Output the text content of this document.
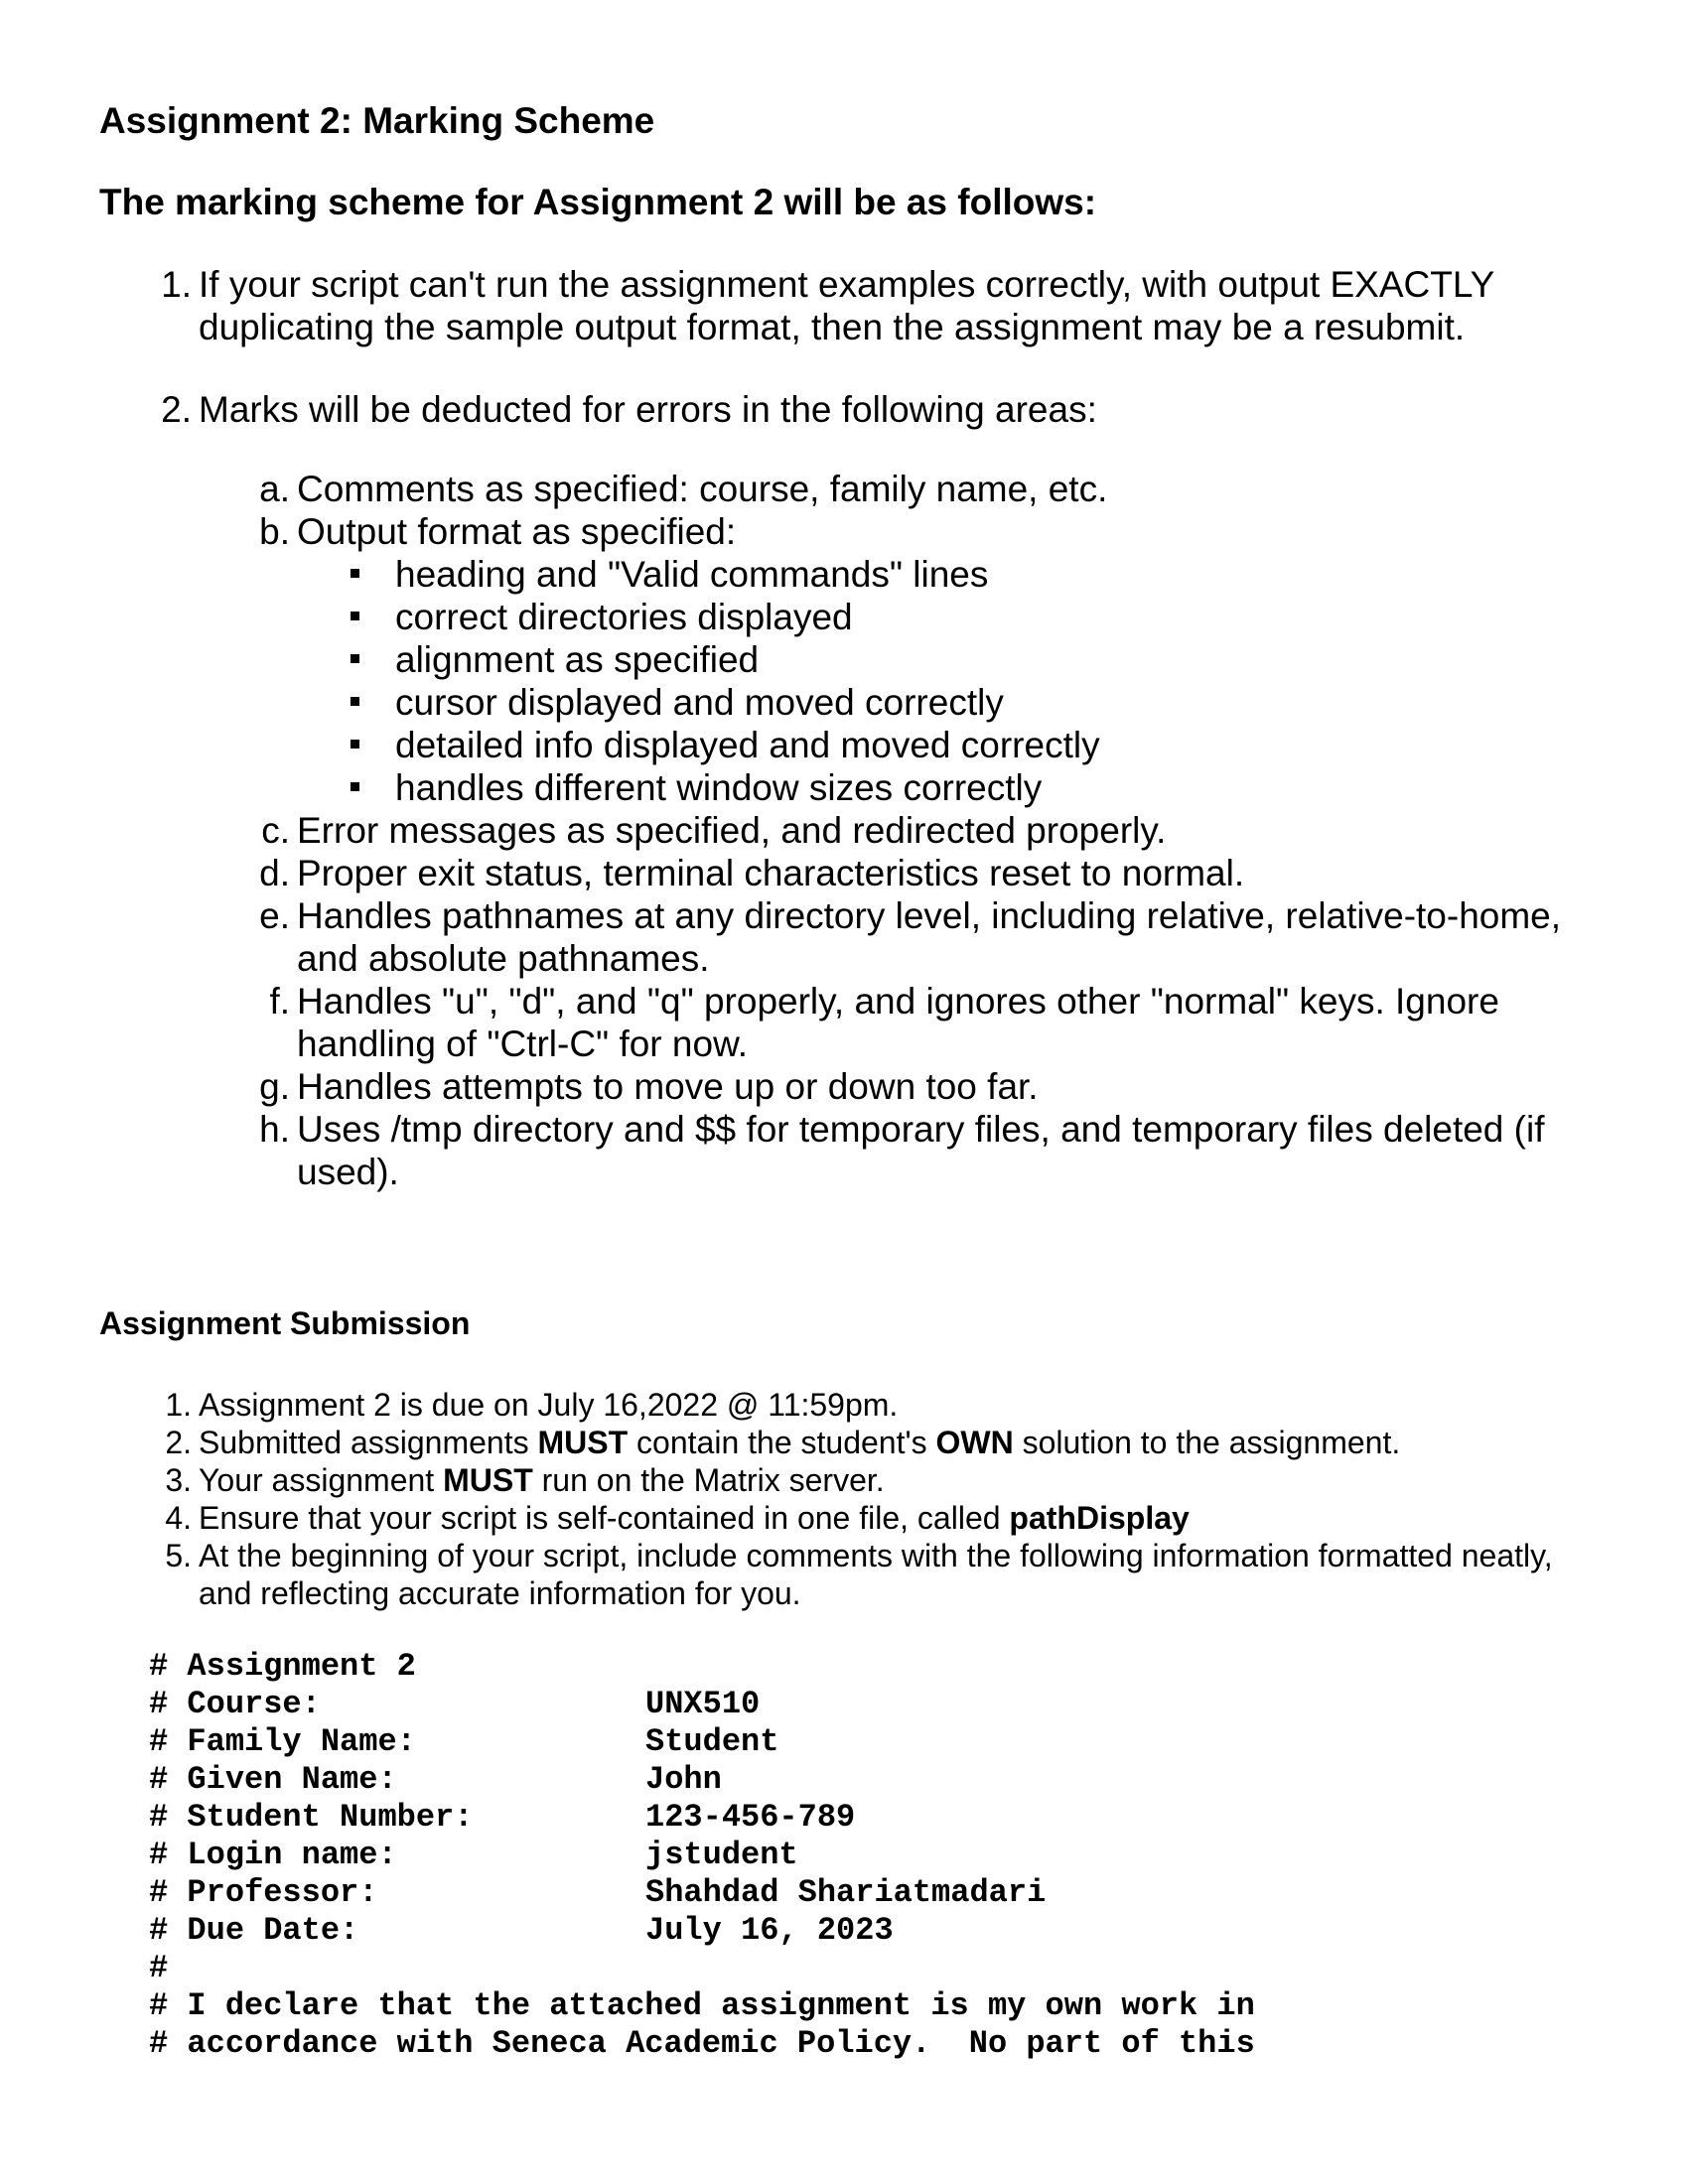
Assignment 2: Marking Scheme
The marking scheme for Assignment 2 will be as follows:
1. If your script can't run the assignment examples correctly, with output EXACTLY duplicating the sample output format, then the assignment may be a resubmit.
2. Marks will be deducted for errors in the following areas:
a. Comments as specified: course, family name, etc.
b. Output format as specified:
heading and "Valid commands" lines
correct directories displayed
alignment as specified
cursor displayed and moved correctly
detailed info displayed and moved correctly
handles different window sizes correctly
c. Error messages as specified, and redirected properly.
d. Proper exit status, terminal characteristics reset to normal.
e. Handles pathnames at any directory level, including relative, relative-to-home, and absolute pathnames.
f. Handles "u", "d", and "q" properly, and ignores other "normal" keys. Ignore handling of "Ctrl-C" for now.
g. Handles attempts to move up or down too far.
h. Uses /tmp directory and $$ for temporary files, and temporary files deleted (if used).
Assignment Submission
1. Assignment 2 is due on July 16,2022 @ 11:59pm.
2. Submitted assignments MUST contain the student's OWN solution to the assignment.
3. Your assignment MUST run on the Matrix server.
4. Ensure that your script is self-contained in one file, called pathDisplay
5. At the beginning of your script, include comments with the following information formatted neatly, and reflecting accurate information for you.
# Assignment 2
# Course:	UNX510
# Family Name:	Student
# Given Name:	John
# Student Number:	123-456-789
# Login name:	jstudent
# Professor:	Shahdad Shariatmadari
# Due Date:	July 16, 2023
#
# I declare that the attached assignment is my own work in
# accordance with Seneca Academic Policy.  No part of this
